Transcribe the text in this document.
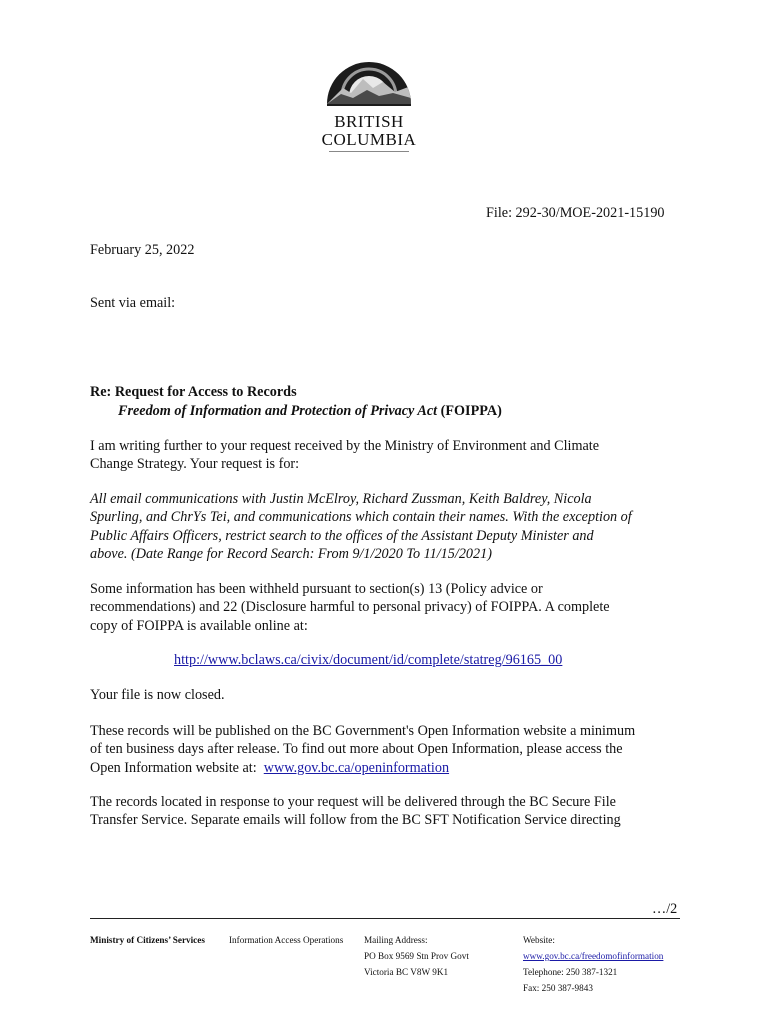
BRITISH
COLUMBIA
File: 292-30/MOE-2021-15190
February 25, 2022
Sent via email:
Re: Request for Access to Records
Freedom of Information and Protection of Privacy Act (FOIPPA)
I am writing further to your request received by the Ministry of Environment and Climate
Change Strategy. Your request is for:
All email communications with Justin McElroy, Richard Zussman, Keith Baldrey, Nicola
Spurling, and ChrYs Tei, and communications which contain their names. With the exception of
Public Affairs Officers, restrict search to the offices of the Assistant Deputy Minister and
above. (Date Range for Record Search: From 9/1/2020 To 11/15/2021)
Some information has been withheld pursuant to section(s) 13 (Policy advice or
recommendations) and 22 (Disclosure harmful to personal privacy) of FOIPPA. A complete
copy of FOIPPA is available online at:
http://www.bclaws.ca/civix/document/id/complete/statreg/96165_00
Your file is now closed.
These records will be published on the BC Government's Open Information website a minimum
of ten business days after release. To find out more about Open Information, please access the
Open Information website at:  www.gov.bc.ca/openinformation
The records located in response to your request will be delivered through the BC Secure File
Transfer Service. Separate emails will follow from the BC SFT Notification Service directing
…/2
Ministry of Citizens’ Services	Information Access Operations Mailing Address:
PO Box 9569 Stn Prov Govt
Victoria BC V8W 9K1
Website:
www.gov.bc.ca/freedomofinformation
Telephone: 250 387-1321
Fax: 250 387-9843
